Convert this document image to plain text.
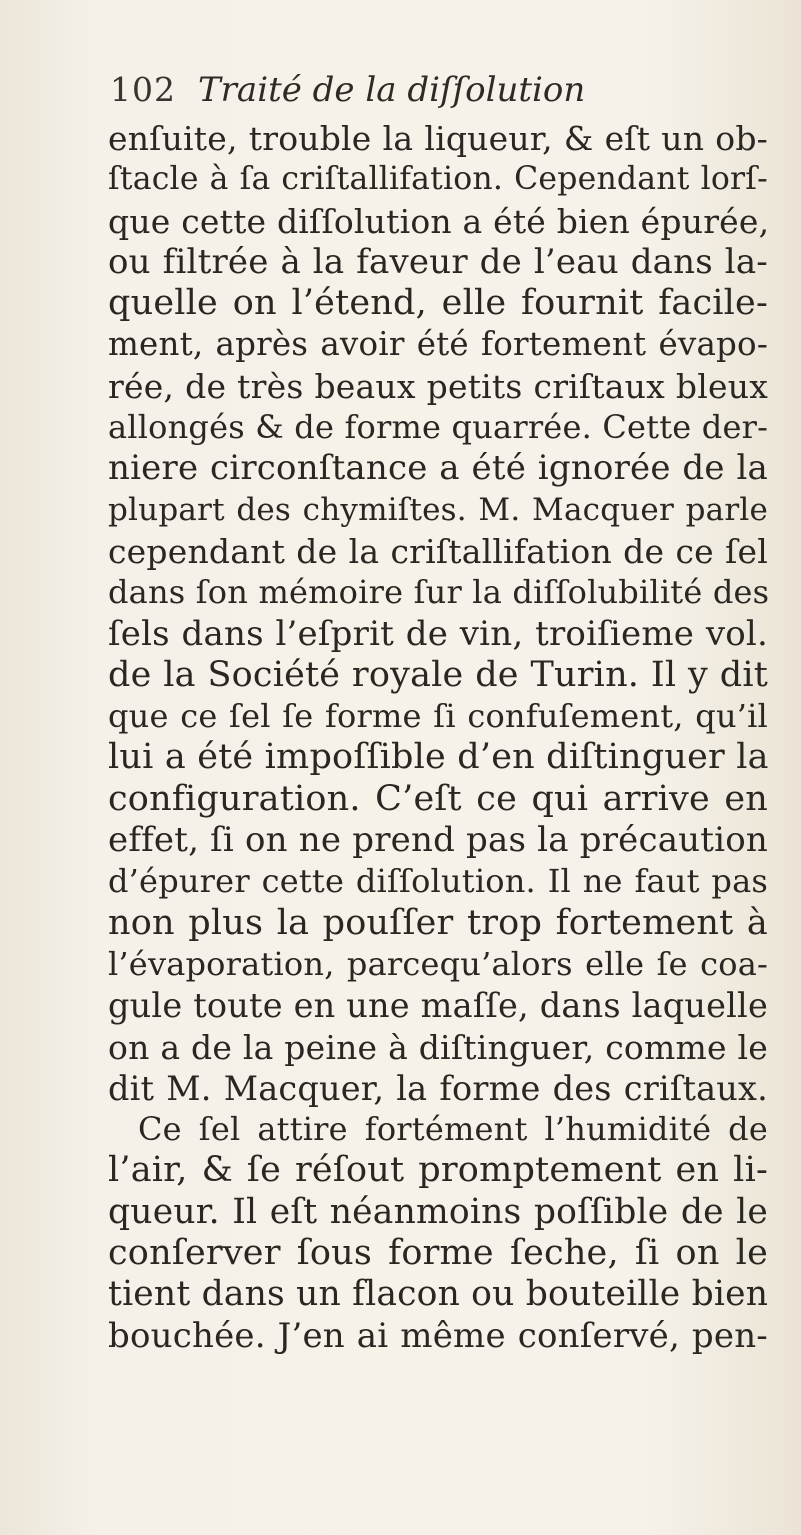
102 Traité de la diſſolution
enſuite, trouble la liqueur, & eſt un ob-
ſtacle à ſa criſtallifation. Cependant lorſ-
que cette diſſolution a été bien épurée,
ou filtrée à la faveur de l’eau dans la-
quelle on l’étend, elle fournit facile-
ment, après avoir été fortement évapo-
rée, de très beaux petits criſtaux bleux
allongés & de forme quarrée. Cette der-
niere circonſtance a été ignorée de la
plupart des chymiſtes. M. Macquer parle
cependant de la criſtallifation de ce ſel
dans ſon mémoire ſur la diſſolubilité des
ſels dans l’eſprit de vin, troiſieme vol.
de la Société royale de Turin. Il y dit
que ce ſel ſe forme ſi confuſement, qu’il
lui a été impoſſible d’en diſtinguer la
configuration. C’eſt ce qui arrive en
effet, ſi on ne prend pas la précaution
d’épurer cette diſſolution. Il ne faut pas
non plus la pouſſer trop fortement à
l’évaporation, parcequ’alors elle ſe coa-
gule toute en une maſſe, dans laquelle
on a de la peine à diſtinguer, comme le
dit M. Macquer, la forme des criſtaux.
Ce ſel attire fortément l’humidité de
l’air, & ſe réſout promptement en li-
queur. Il eſt néanmoins poſſible de le
conſerver ſous forme ſeche, ſi on le
tient dans un flacon ou bouteille bien
bouchée. J’en ai même conſervé, pen-
